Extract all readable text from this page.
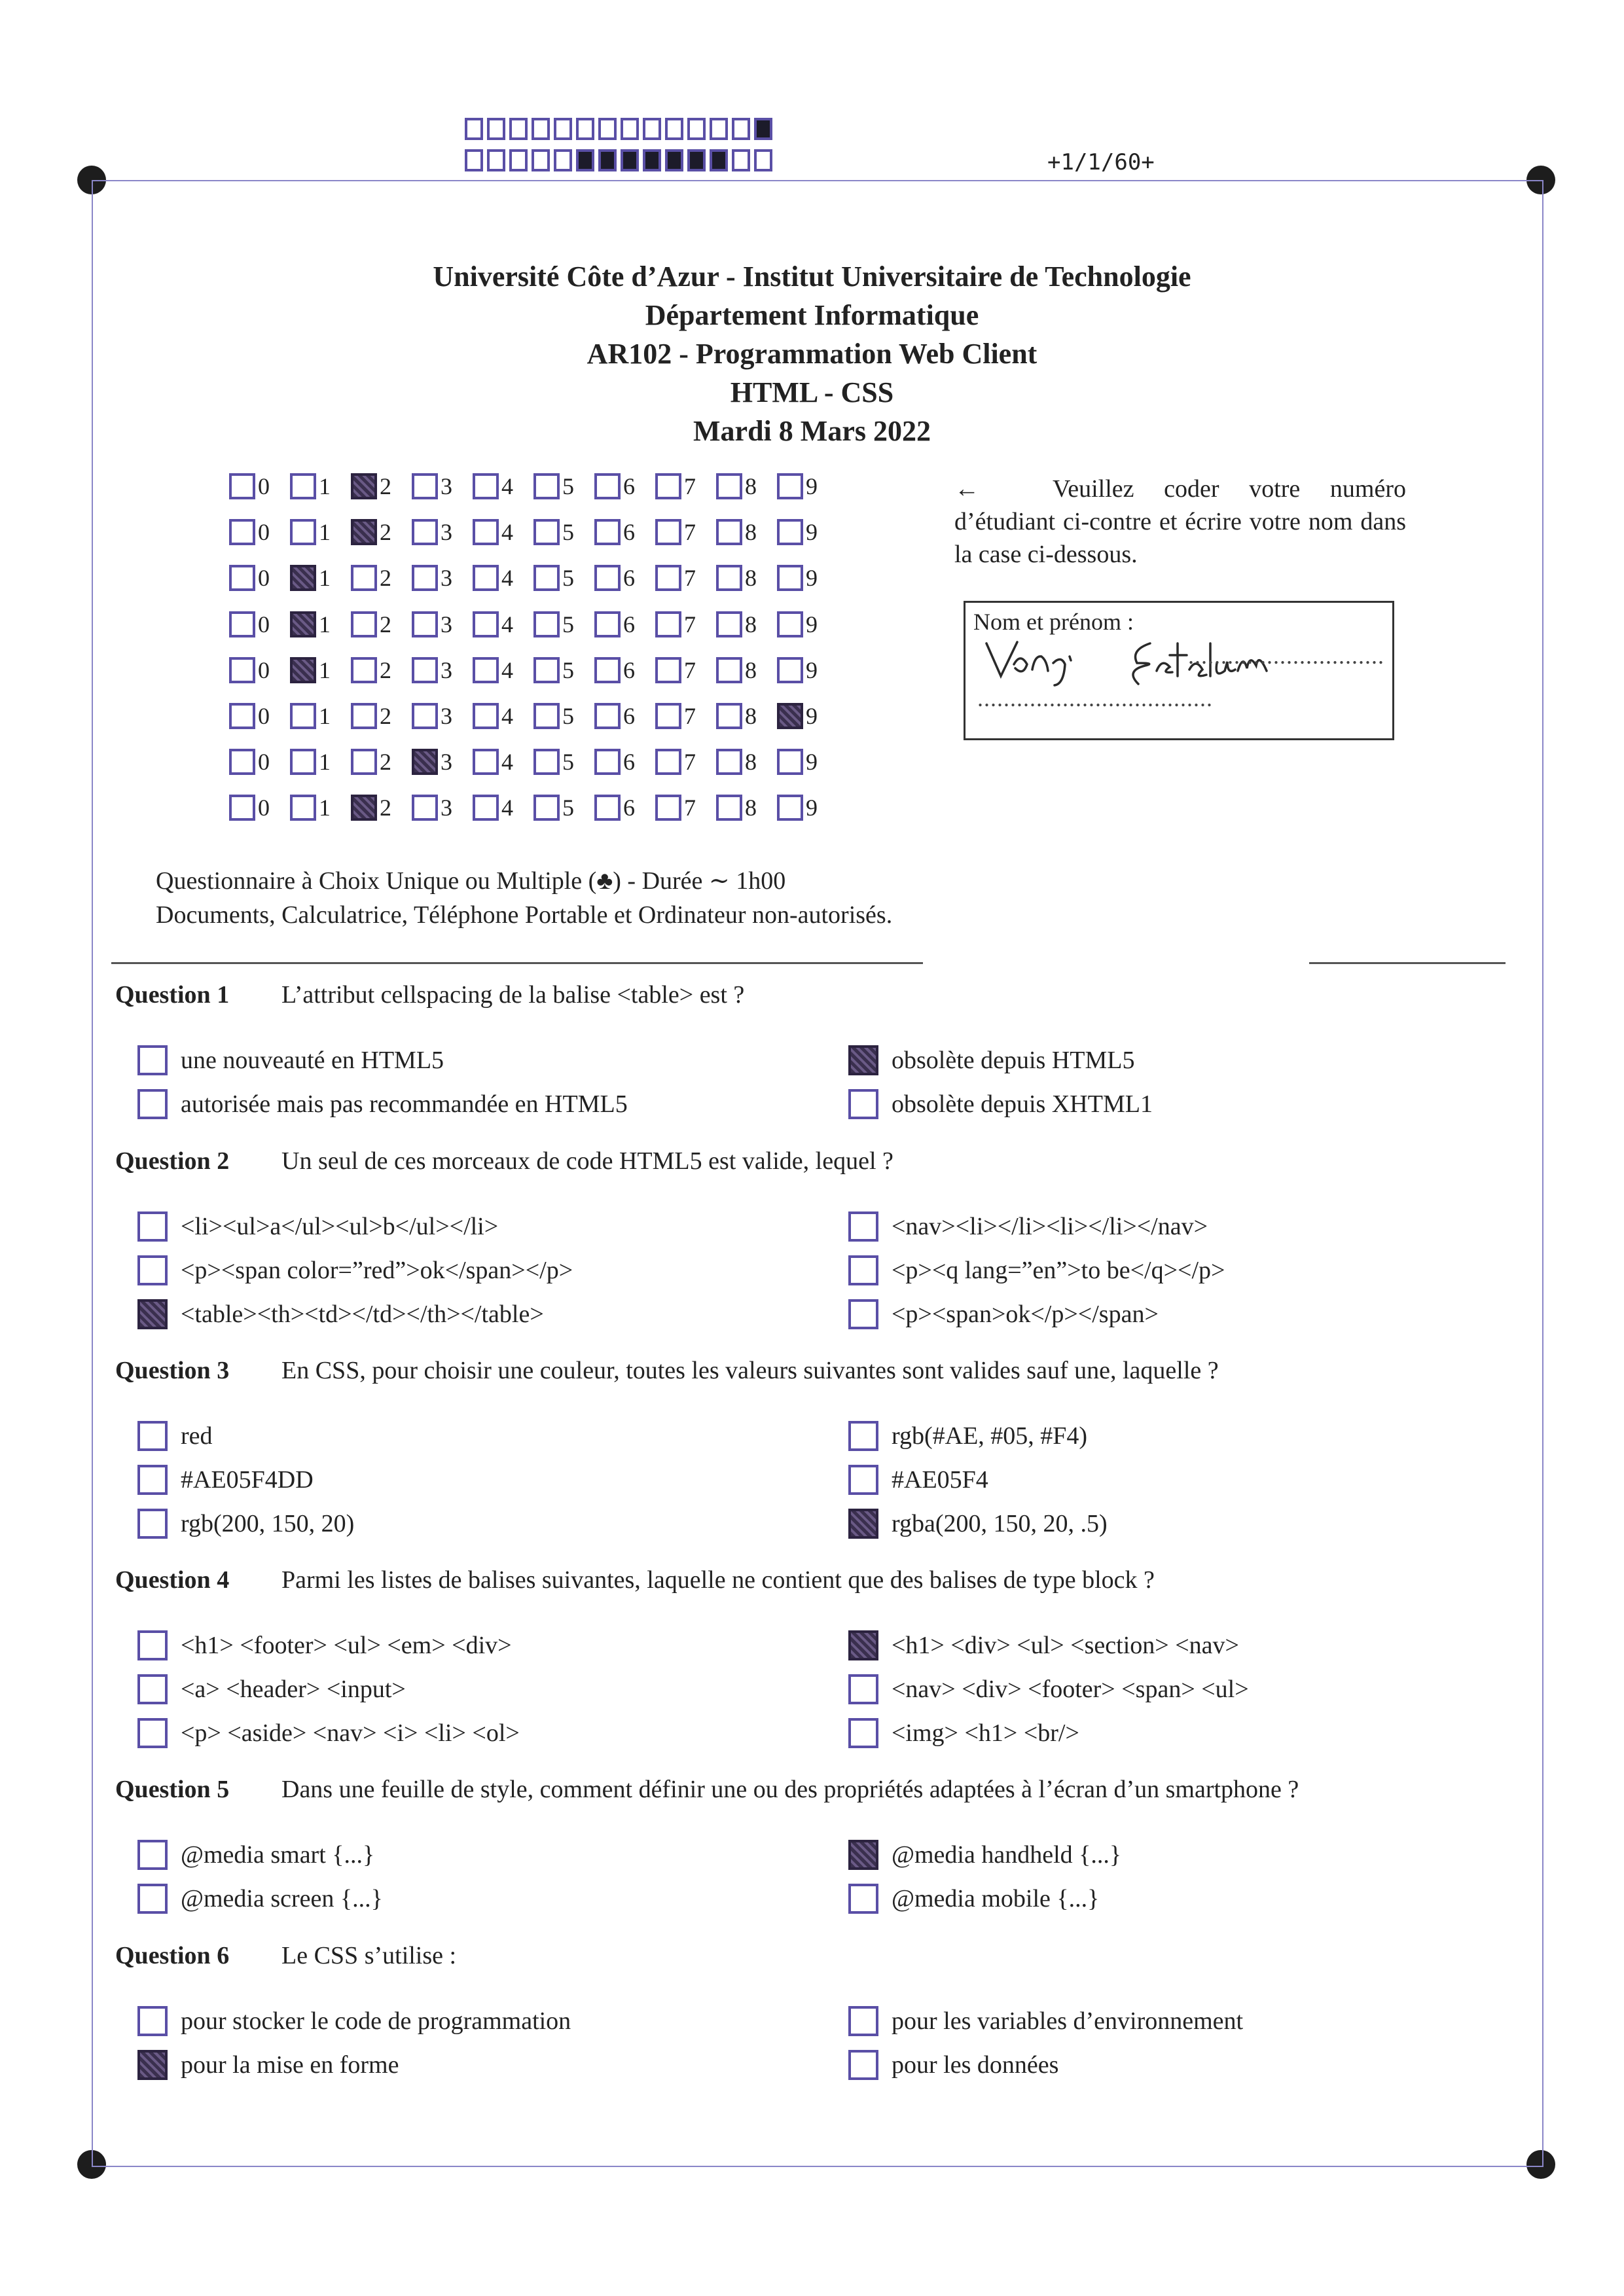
+1/1/60+
Université Côte d’Azur - Institut Universitaire de Technologie
Département Informatique
AR102 - Programmation Web Client
HTML - CSS
Mardi 8 Mars 2022
0 1 2 3 4 5 6 7 8 9
0 1 2 3 4 5 6 7 8 9
0 1 2 3 4 5 6 7 8 9
0 1 2 3 4 5 6 7 8 9
0 1 2 3 4 5 6 7 8 9
0 1 2 3 4 5 6 7 8 9
0 1 2 3 4 5 6 7 8 9
0 1 2 3 4 5 6 7 8 9
←	Veuillez coder votre numéro d’étudiant ci-contre et écrire votre nom dans la case ci-dessous.
Nom et prénom :
..............................
....................................
Questionnaire à Choix Unique ou Multiple (♣) - Durée ∼ 1h00
Documents, Calculatrice, Téléphone Portable et Ordinateur non-autorisés.
Question 1	L’attribut cellspacing de la balise <table> est ?
une nouveauté en HTML5	obsolète depuis HTML5
autorisée mais pas recommandée en HTML5	obsolète depuis XHTML1
Question 2	Un seul de ces morceaux de code HTML5 est valide, lequel ?
<li><ul>a</ul><ul>b</ul></li>	<nav><li></li><li></li></nav>
<p><span color=”red”>ok</span></p>	<p><q lang=”en”>to be</q></p>
<table><th><td></td></th></table>	<p><span>ok</p></span>
Question 3	En CSS, pour choisir une couleur, toutes les valeurs suivantes sont valides sauf une, laquelle ?
red	rgb(#AE, #05, #F4)
#AE05F4DD	#AE05F4
rgb(200, 150, 20)	rgba(200, 150, 20, .5)
Question 4	Parmi les listes de balises suivantes, laquelle ne contient que des balises de type block ?
<h1> <footer> <ul> <em> <div>	<h1> <div> <ul> <section> <nav>
<a> <header> <input>	<nav> <div> <footer> <span> <ul>
<p> <aside> <nav> <i> <li> <ol>	<img> <h1> <br/>
Question 5	Dans une feuille de style, comment définir une ou des propriétés adaptées à l’écran d’un smartphone ?
@media smart {...}	@media handheld {...}
@media screen {...}	@media mobile {...}
Question 6	Le CSS s’utilise :
pour stocker le code de programmation	pour les variables d’environnement
pour la mise en forme	pour les données
